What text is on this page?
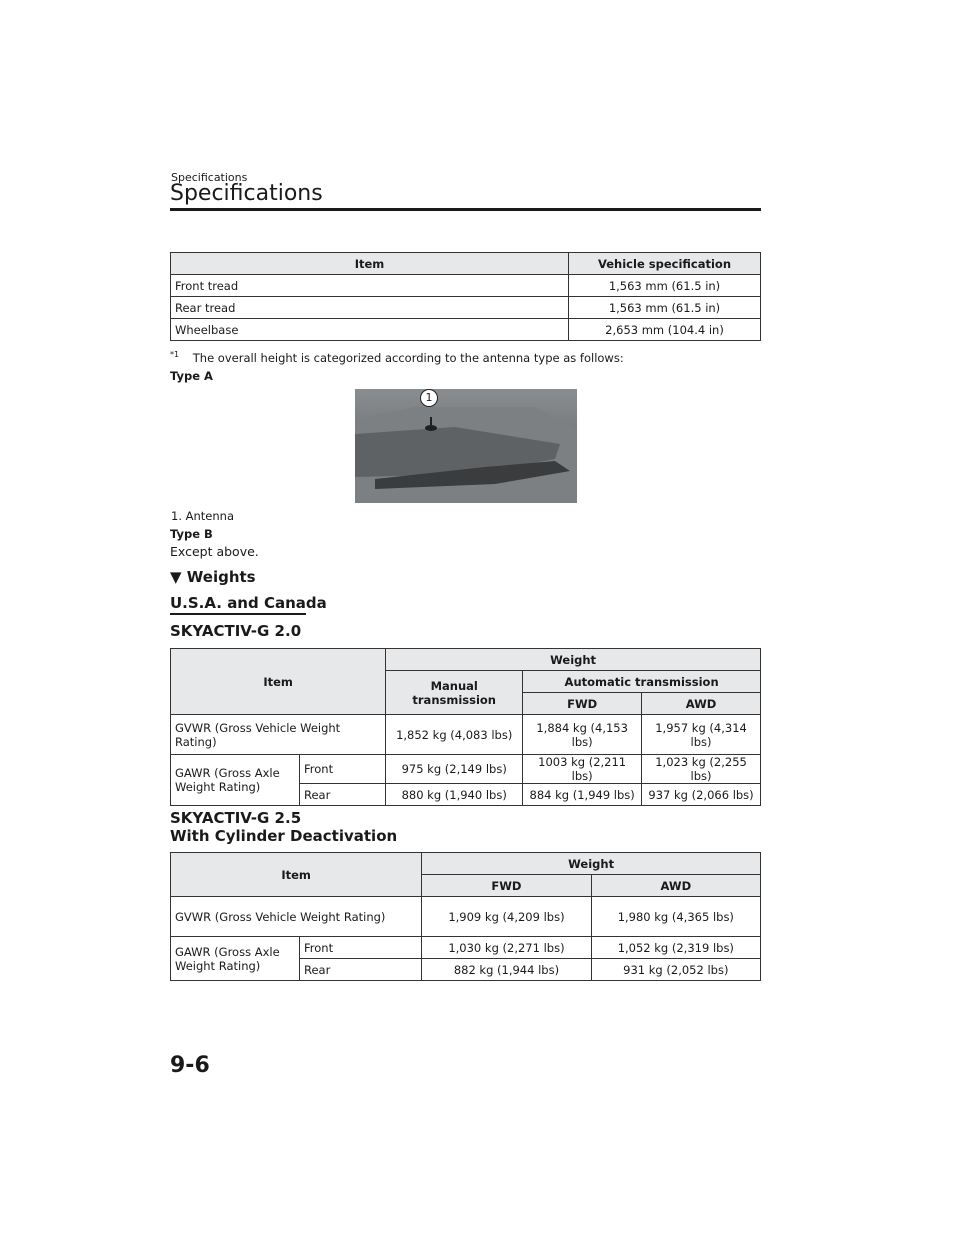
Specifications
Specifications
Item	Vehicle specification
Front tread	1,563 mm (61.5 in)
Rear tread	1,563 mm (61.5 in)
Wheelbase	2,653 mm (104.4 in)
$^{*1}$ The overall height is categorized according to the antenna type as follows:
Type A
1
1. Antenna
Type B
Except above.
▼ Weights
U.S.A. and Canada
SKYACTIV-G 2.0
Item		Weight		
		Manual transmission	Automatic transmission	
			FWD	AWD
GVWR (Gross Vehicle Weight Rating)		1,852 kg (4,083 lbs)	1,884 kg (4,153 lbs)	1,957 kg (4,314 lbs)
GAWR (Gross Axle Weight Rating)	Front	975 kg (2,149 lbs)	1003 kg (2,211 lbs)	1,023 kg (2,255 lbs)
	Rear	880 kg (1,940 lbs)	884 kg (1,949 lbs)	937 kg (2,066 lbs)
SKYACTIV-G 2.5
With Cylinder Deactivation
Item		Weight	
		FWD	AWD
GVWR (Gross Vehicle Weight Rating)		1,909 kg (4,209 lbs)	1,980 kg (4,365 lbs)
GAWR (Gross Axle Weight Rating)	Front	1,030 kg (2,271 lbs)	1,052 kg (2,319 lbs)
	Rear	882 kg (1,944 lbs)	931 kg (2,052 lbs)
9-6
